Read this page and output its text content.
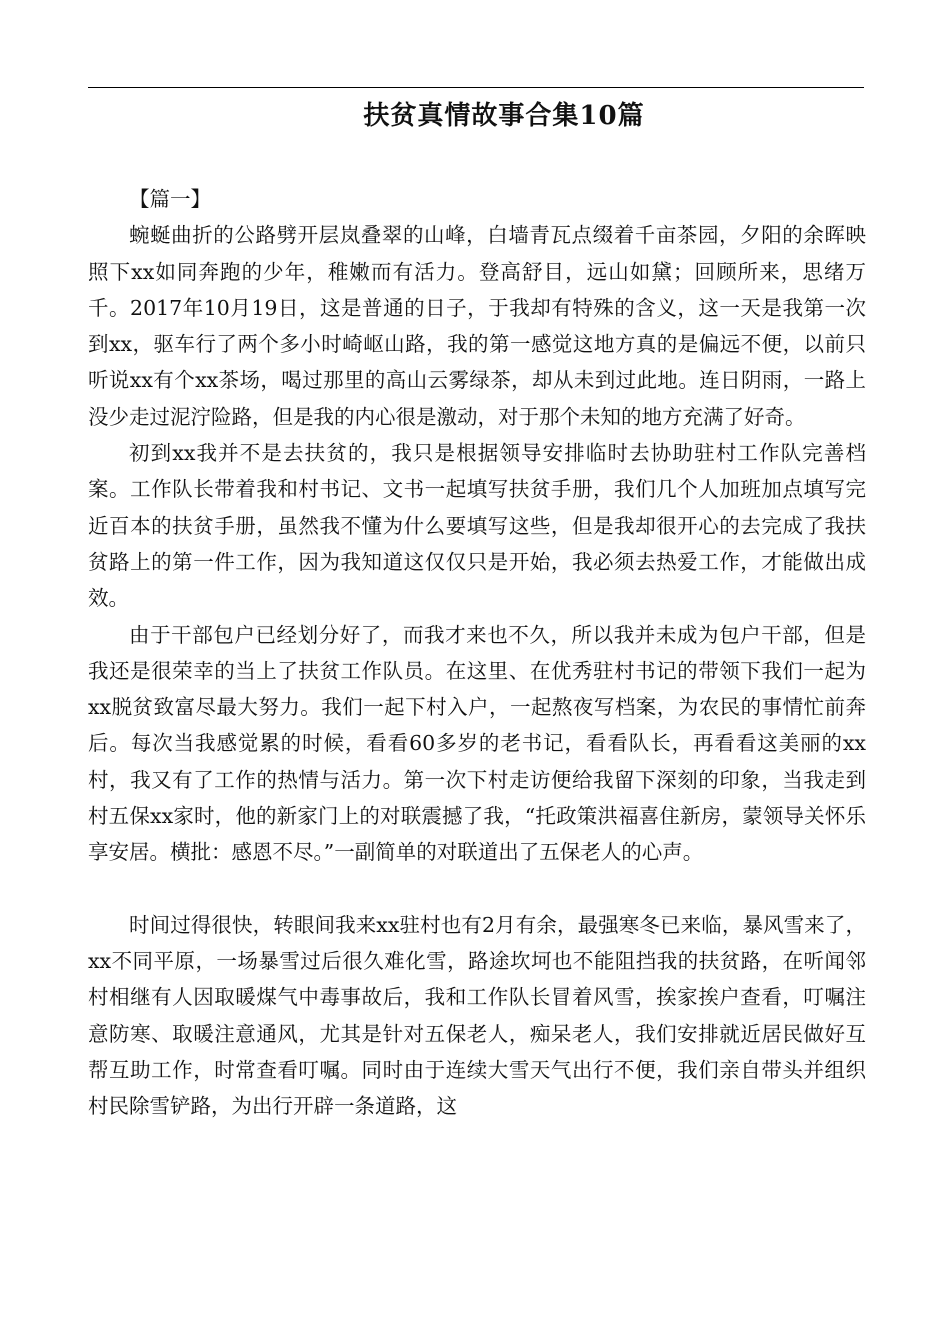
扶贫真情故事合集10篇

【篇一】

蜿蜒曲折的公路劈开层岚叠翠的山峰，白墙青瓦点缀着千亩茶园，夕阳的余晖映照下xx如同奔跑的少年，稚嫩而有活力。登高舒目，远山如黛；回顾所来，思绪万千。2017年10月19日，这是普通的日子，于我却有特殊的含义，这一天是我第一次到xx，驱车行了两个多小时崎岖山路，我的第一感觉这地方真的是偏远不便，以前只听说xx有个xx茶场，喝过那里的高山云雾绿茶，却从未到过此地。连日阴雨，一路上没少走过泥泞险路，但是我的内心很是激动，对于那个未知的地方充满了好奇。

初到xx我并不是去扶贫的，我只是根据领导安排临时去协助驻村工作队完善档案。工作队长带着我和村书记、文书一起填写扶贫手册，我们几个人加班加点填写完近百本的扶贫手册，虽然我不懂为什么要填写这些，但是我却很开心的去完成了我扶贫路上的第一件工作，因为我知道这仅仅只是开始，我必须去热爱工作，才能做出成效。

由于干部包户已经划分好了，而我才来也不久，所以我并未成为包户干部，但是我还是很荣幸的当上了扶贫工作队员。在这里、在优秀驻村书记的带领下我们一起为xx脱贫致富尽最大努力。我们一起下村入户，一起熬夜写档案，为农民的事情忙前奔后。每次当我感觉累的时候，看看60多岁的老书记，看看队长，再看看这美丽的xx村，我又有了工作的热情与活力。第一次下村走访便给我留下深刻的印象，当我走到村五保xx家时，他的新家门上的对联震撼了我，“托政策洪福喜住新房，蒙领导关怀乐享安居。横批：感恩不尽。”一副简单的对联道出了五保老人的心声。

时间过得很快，转眼间我来xx驻村也有2月有余，最强寒冬已来临，暴风雪来了，xx不同平原，一场暴雪过后很久难化雪，路途坎坷也不能阻挡我的扶贫路，在听闻邻村相继有人因取暖煤气中毒事故后，我和工作队长冒着风雪，挨家挨户查看，叮嘱注意防寒、取暖注意通风，尤其是针对五保老人，痴呆老人，我们安排就近居民做好互帮互助工作，时常查看叮嘱。同时由于连续大雪天气出行不便，我们亲自带头并组织村民除雪铲路，为出行开辟一条道路，这
